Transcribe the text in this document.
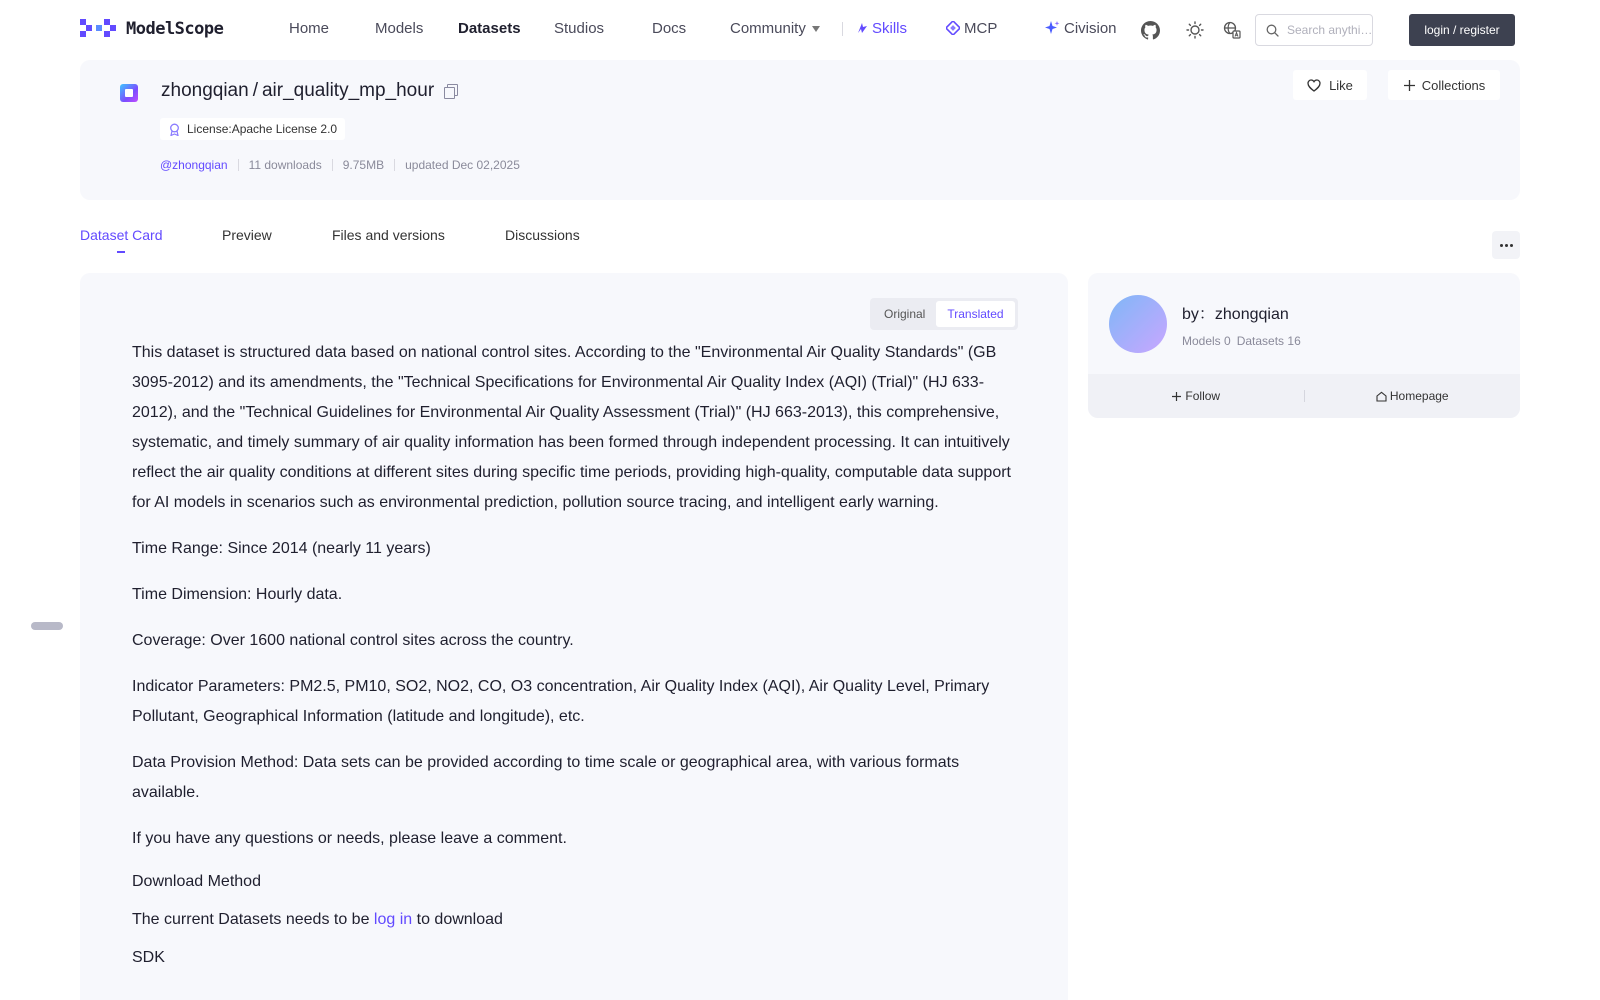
ModelScope	Home	Models Datasets Studios	Docs	Community	Skills	MCP	Civision
Search anythi…	login / register
zhongqian / air_quality_mp_hour
License:Apache License 2.0
@zhongqian 11 downloads 9.75MB updated Dec 02,2025
Like	Collections
Dataset Card	Preview	Files and versions	Discussions
Original	Translated

This dataset is structured data based on national control sites. According to the "Environmental Air Quality Standards" (GB 3095-2012) and its amendments, the "Technical Specifications for Environmental Air Quality Index (AQI) (Trial)" (HJ 633-2012), and the "Technical Guidelines for Environmental Air Quality Assessment (Trial)" (HJ 663-2013), this comprehensive, systematic, and timely summary of air quality information has been formed through independent processing. It can intuitively reflect the air quality conditions at different sites during specific time periods, providing high-quality, computable data support for AI models in scenarios such as environmental prediction, pollution source tracing, and intelligent early warning.

Time Range: Since 2014 (nearly 11 years)

Time Dimension: Hourly data.

Coverage: Over 1600 national control sites across the country.

Indicator Parameters: PM2.5, PM10, SO2, NO2, CO, O3 concentration, Air Quality Index (AQI), Air Quality Level, Primary Pollutant, Geographical Information (latitude and longitude), etc.

Data Provision Method: Data sets can be provided according to time scale or geographical area, with various formats available.

If you have any questions or needs, please leave a comment.

Download Method
The current Datasets needs to be log in to download
SDK
by：zhongqian
Models 0 Datasets 16
Follow	Homepage
